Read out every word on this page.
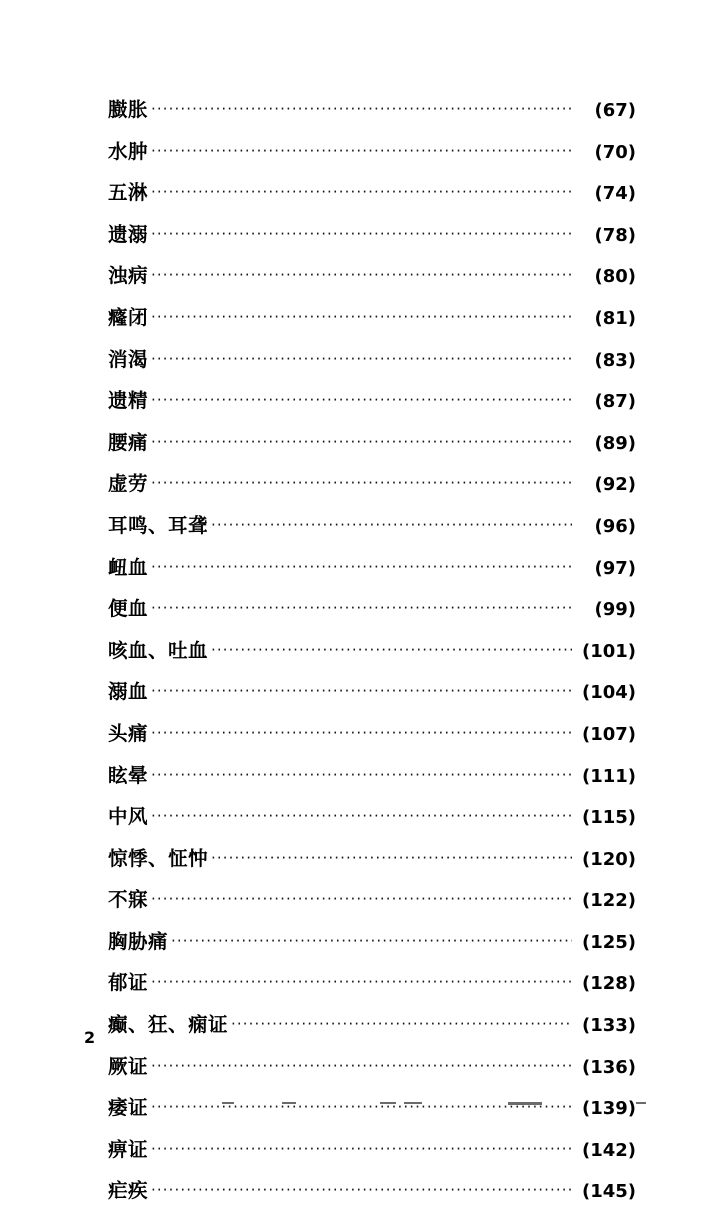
臌胀 ·····	(67)
水肿 ·····	(70)
五淋 ·····	(74)
遗溺 ·····	(78)
浊病 ·····	(80)
癃闭 ·····	(81)
消渴 ·····	(83)
遗精 ·····	(87)
腰痛 ·····	(89)
虚劳 ·····	(92)
耳鸣、耳聋 ·····	(96)
衄血 ·····	(97)
便血 ·····	(99)
咳血、吐血 ·····	(101)
溺血 ·····	(104)
头痛 ·····	(107)
眩晕 ·····	(111)
中风 ·····	(115)
惊悸、怔忡 ·····	(120)
不寐 ·····	(122)
胸胁痛 ·····	(125)
郁证 ·····	(128)
癫、狂、痫证 ·····	(133)
厥证 ·····	(136)
痿证 ·····	(139)
痹证 ·····	(142)
疟疾 ·····	(145)
2
